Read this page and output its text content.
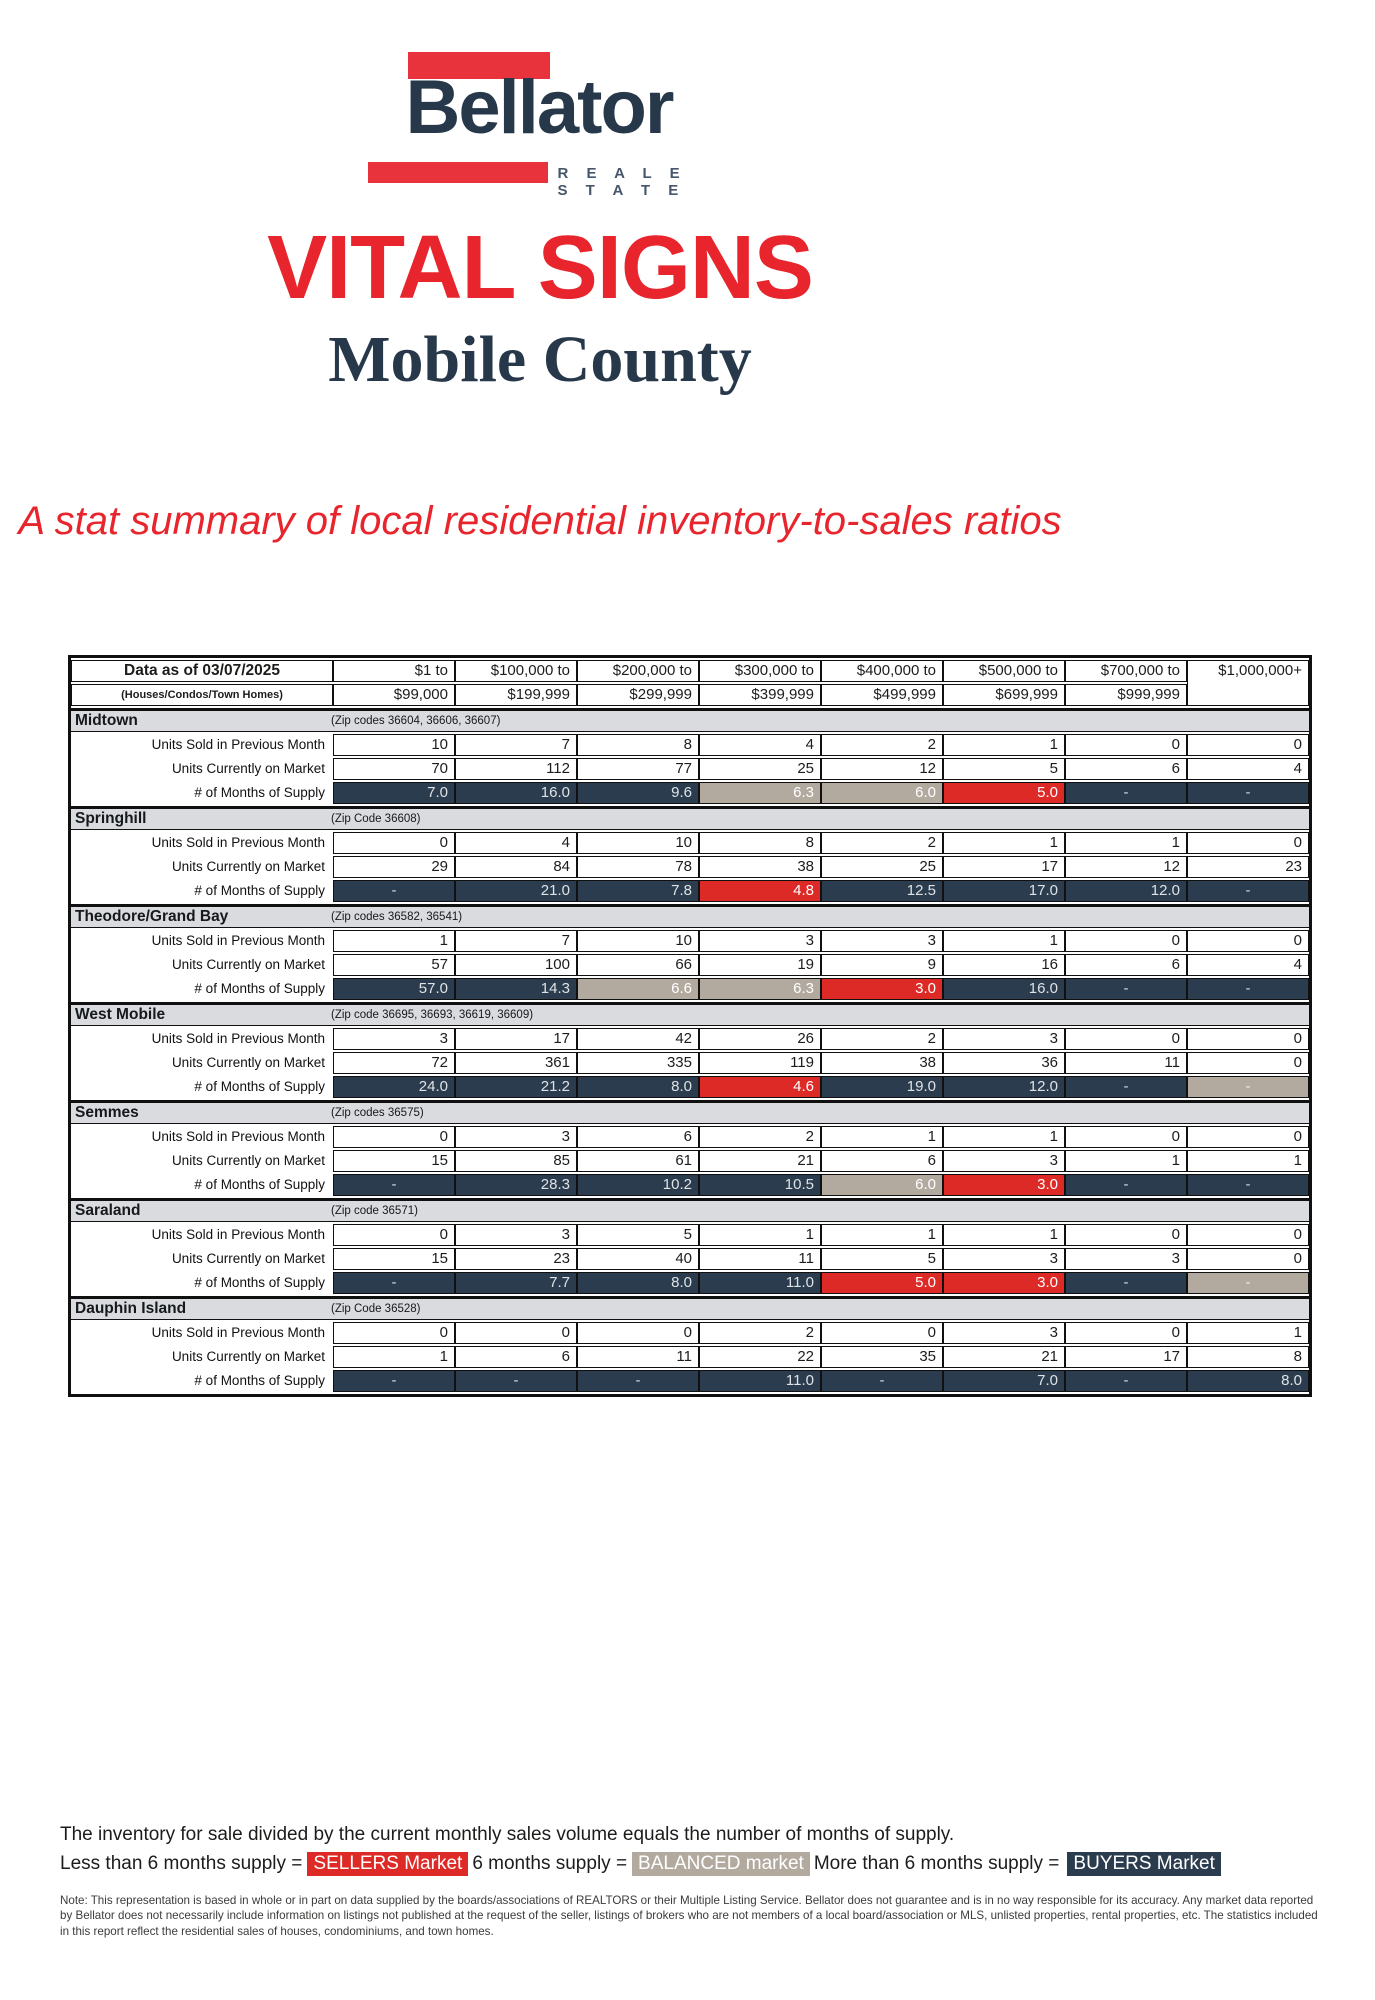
Bellator
R E A L E S T A T E
VITAL SIGNS
Mobile County

A stat summary of local residential inventory-to-sales ratios

Data as of 03/07/2025	$1 to	$100,000 to	$200,000 to	$300,000 to	$400,000 to	$500,000 to	$700,000 to	$1,000,000+
(Houses/Condos/Town Homes)	$99,000	$199,999	$299,999	$399,999	$499,999	$699,999	$999,999	

Midtown (Zip codes 36604, 36606, 36607)								

Units Sold in Previous Month	10	7	8	4	2	1	0	0
Units Currently on Market	70	112	77	25	12	5	6	4
# of Months of Supply	7.0	16.0	9.6	6.3	6.0	5.0	-	-

Springhill (Zip Code 36608)								

Units Sold in Previous Month	0	4	10	8	2	1	1	0
Units Currently on Market	29	84	78	38	25	17	12	23
# of Months of Supply	-	21.0	7.8	4.8	12.5	17.0	12.0	-

Theodore/Grand Bay (Zip codes 36582, 36541)								

Units Sold in Previous Month	1	7	10	3	3	1	0	0
Units Currently on Market	57	100	66	19	9	16	6	4
# of Months of Supply	57.0	14.3	6.6	6.3	3.0	16.0	-	-

West Mobile (Zip code 36695, 36693, 36619, 36609)								

Units Sold in Previous Month	3	17	42	26	2	3	0	0
Units Currently on Market	72	361	335	119	38	36	11	0
# of Months of Supply	24.0	21.2	8.0	4.6	19.0	12.0	-	-

Semmes (Zip codes 36575)								

Units Sold in Previous Month	0	3	6	2	1	1	0	0
Units Currently on Market	15	85	61	21	6	3	1	1
# of Months of Supply	-	28.3	10.2	10.5	6.0	3.0	-	-

Saraland (Zip code 36571)								

Units Sold in Previous Month	0	3	5	1	1	1	0	0
Units Currently on Market	15	23	40	11	5	3	3	0
# of Months of Supply	-	7.7	8.0	11.0	5.0	3.0	-	-

Dauphin Island (Zip Code 36528)								

Units Sold in Previous Month	0	0	0	2	0	3	0	1
Units Currently on Market	1	6	11	22	35	21	17	8
# of Months of Supply	-	-	-	11.0	-	7.0	-	8.0

The inventory for sale divided by the current monthly sales volume equals the number of months of supply.

Less than 6 months supply = SELLERS Market 6 months supply = BALANCED market More than 6 months supply = BUYERS Market

Note: This representation is based in whole or in part on data supplied by the boards/associations of REALTORS or their Multiple Listing Service. Bellator does not guarantee and is in no way responsible for its accuracy. Any market data reported by Bellator does not necessarily include information on listings not published at the request of the seller, listings of brokers who are not members of a local board/association or MLS, unlisted properties, rental properties, etc. The statistics included in this report reflect the residential sales of houses, condominiums, and town homes.
